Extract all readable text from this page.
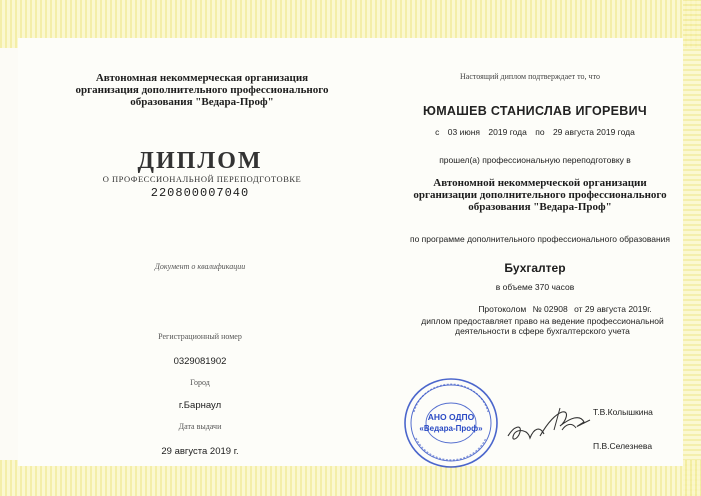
Автономная некоммерческая организация организация дополнительного профессионального образования "Ведара-Проф"
ДИПЛОМ
О ПРОФЕССИОНАЛЬНОЙ ПЕРЕПОДГОТОВКЕ
220800007040
Документ о квалификации
Регистрационный номер
0329081902
Город
г.Барнаул
Дата выдачи
29 августа 2019 г.
Настоящий диплом подтверждает то, что
ЮМАШЕВ СТАНИСЛАВ ИГОРЕВИЧ
с 03 июня 2019 года по 29 августа 2019 года
прошел(а) профессиональную переподготовку в
Автономной некоммерческой организации организации дополнительного профессионального образования "Ведара-Проф"
по программе дополнительного профессионального образования
Бухгалтер
в объеме 370 часов
Протоколом № 02908 от 29 августа 2019г.
диплом предоставляет право на ведение профессиональной деятельности в сфере бухгалтерского учета
Т.В.Колышкина
П.В.Селезнева
АНО ОДПО
«Ведара-Проф»
